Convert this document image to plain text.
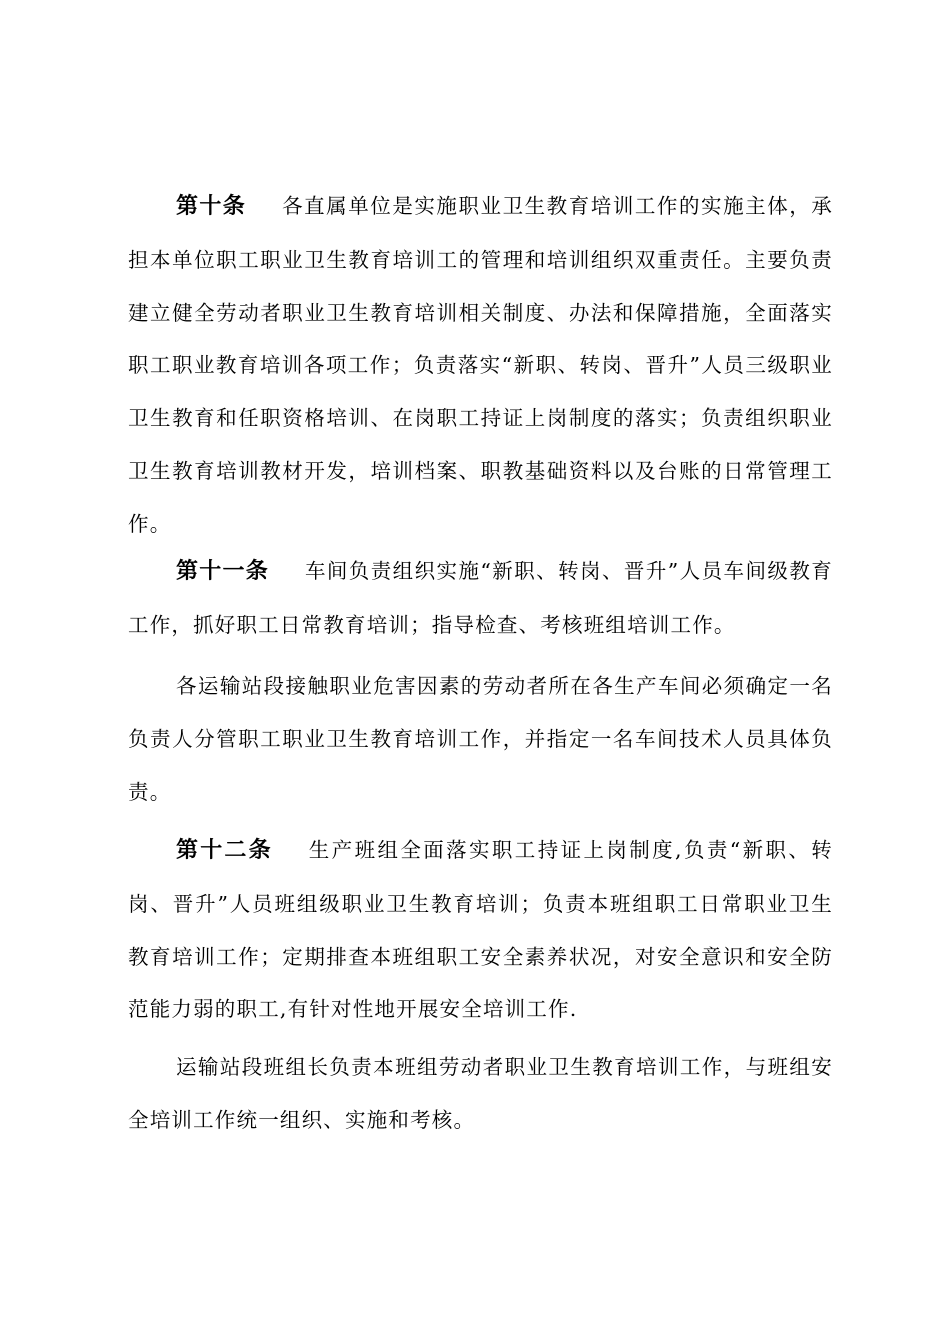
第十条 各直属单位是实施职业卫生教育培训工作的实施主体，承担本单位职工职业卫生教育培训工的管理和培训组织双重责任。主要负责建立健全劳动者职业卫生教育培训相关制度、办法和保障措施，全面落实职工职业教育培训各项工作；负责落实“新职、转岗、晋升”人员三级职业卫生教育和任职资格培训、在岗职工持证上岗制度的落实；负责组织职业卫生教育培训教材开发，培训档案、职教基础资料以及台账的日常管理工作。

第十一条 车间负责组织实施“新职、转岗、晋升”人员车间级教育工作，抓好职工日常教育培训；指导检查、考核班组培训工作。

各运输站段接触职业危害因素的劳动者所在各生产车间必须确定一名负责人分管职工职业卫生教育培训工作，并指定一名车间技术人员具体负责。

第十二条 生产班组全面落实职工持证上岗制度,负责“新职、转岗、晋升”人员班组级职业卫生教育培训；负责本班组职工日常职业卫生教育培训工作；定期排查本班组职工安全素养状况，对安全意识和安全防范能力弱的职工,有针对性地开展安全培训工作.

运输站段班组长负责本班组劳动者职业卫生教育培训工作，与班组安全培训工作统一组织、实施和考核。
